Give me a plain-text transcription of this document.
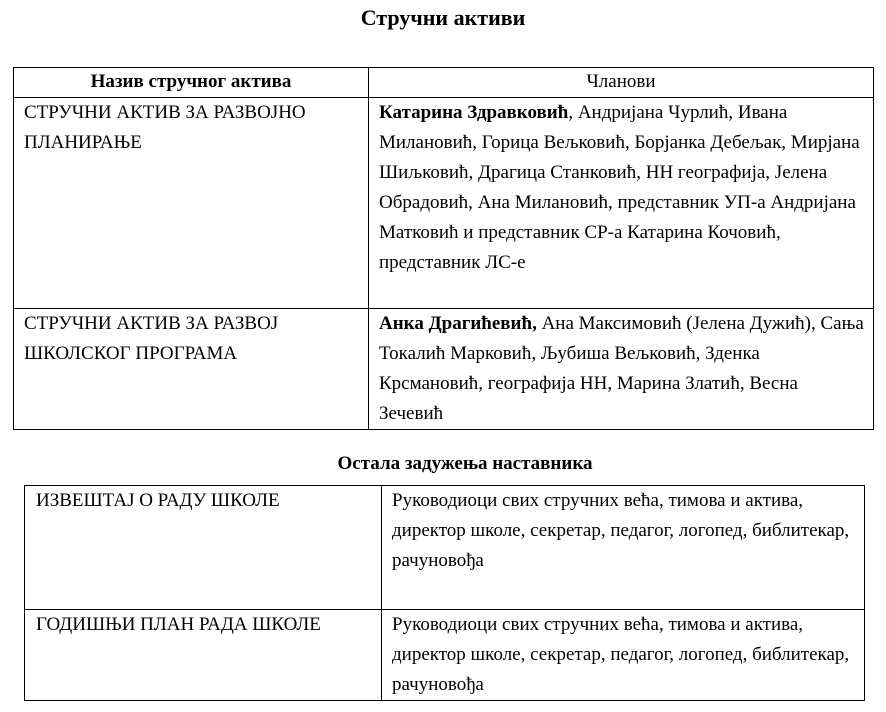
Стручни активи
Назив стручног актива	Чланови
СТРУЧНИ АКТИВ ЗА РАЗВОЈНО ПЛАНИРАЊЕ	Катарина Здравковић, Андријана Чурлић, Ивана Милановић, Горица Вељковић, Борјанка Дебељак, Мирјана Шиљковић, Драгица Станковић, НН географија, Јелена Обрадовић, Ана Милановић, представник УП-а Андријана Матковић и представник СР-а Катарина Кочовић, представник ЛС-е
СТРУЧНИ АКТИВ ЗА РАЗВОЈ ШКОЛСКОГ ПРОГРАМА	Анка Драгићевић, Ана Максимовић (Јелена Дужић), Сања Токалић Марковић, Љубиша Вељковић, Зденка Крсмановић, географија НН, Марина Златић, Весна Зечевић
Остала задужења наставника
ИЗВЕШТАЈ О РАДУ ШКОЛЕ	Руководиоци свих стручних већа, тимова и актива, директор школе, секретар, педагог, логопед, библитекар, рачуновођа
ГОДИШЊИ ПЛАН РАДА ШКОЛЕ	Руководиоци свих стручних већа, тимова и актива, директор школе, секретар, педагог, логопед, библитекар, рачуновођа
